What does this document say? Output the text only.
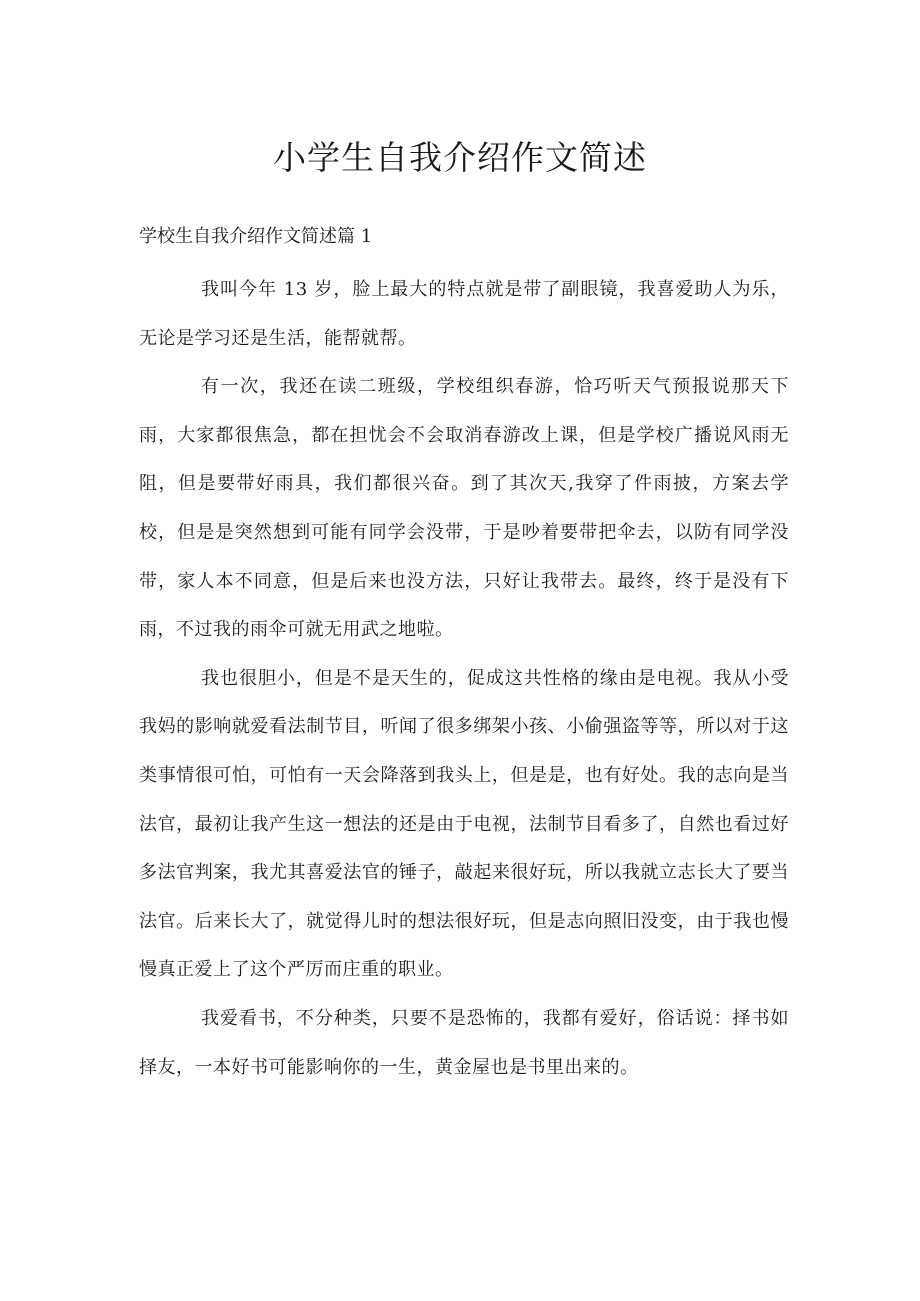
小学生自我介绍作文简述

学校生自我介绍作文简述篇 1

我叫今年 13 岁，脸上最大的特点就是带了副眼镜，我喜爱助人为乐，无论是学习还是生活，能帮就帮。

有一次，我还在读二班级，学校组织春游，恰巧听天气预报说那天下雨，大家都很焦急，都在担忧会不会取消春游改上课，但是学校广播说风雨无阻，但是要带好雨具，我们都很兴奋。到了其次天,我穿了件雨披，方案去学校，但是是突然想到可能有同学会没带，于是吵着要带把伞去，以防有同学没带，家人本不同意，但是后来也没方法，只好让我带去。最终，终于是没有下雨，不过我的雨伞可就无用武之地啦。

我也很胆小，但是不是天生的，促成这共性格的缘由是电视。我从小受我妈的影响就爱看法制节目，听闻了很多绑架小孩、小偷强盗等等，所以对于这类事情很可怕，可怕有一天会降落到我头上，但是是，也有好处。我的志向是当法官，最初让我产生这一想法的还是由于电视，法制节目看多了，自然也看过好多法官判案，我尤其喜爱法官的锤子，敲起来很好玩，所以我就立志长大了要当法官。后来长大了，就觉得儿时的想法很好玩，但是志向照旧没变，由于我也慢慢真正爱上了这个严厉而庄重的职业。

我爱看书，不分种类，只要不是恐怖的，我都有爱好，俗话说：择书如择友，一本好书可能影响你的一生，黄金屋也是书里出来的。
